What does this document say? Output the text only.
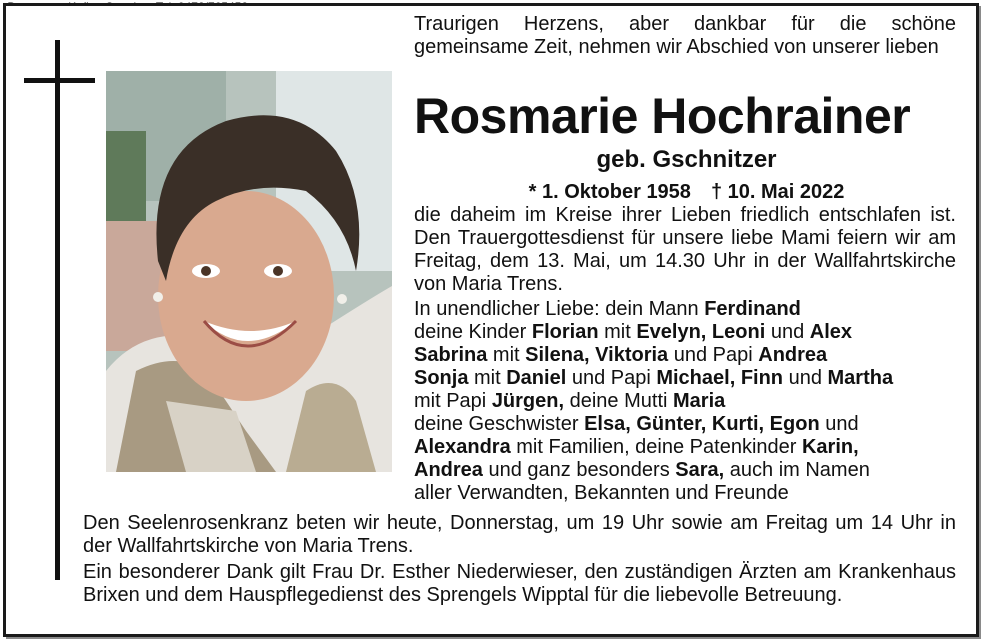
Traurigen Herzens, aber dankbar für die schöne gemeinsame Zeit, nehmen wir Abschied von unserer lieben
Rosmarie Hochrainer
geb. Gschnitzer
* 1. Oktober 1958 † 10. Mai 2022
die daheim im Kreise ihrer Lieben friedlich entschlafen ist. Den Trauergottesdienst für unsere liebe Mami feiern wir am Freitag, dem 13. Mai, um 14.30 Uhr in der Wallfahrtskirche von Maria Trens.
In unendlicher Liebe: dein Mann Ferdinand
deine Kinder Florian mit Evelyn, Leoni und Alex
Sabrina mit Silena, Viktoria und Papi Andrea
Sonja mit Daniel und Papi Michael, Finn und Martha
mit Papi Jürgen, deine Mutti Maria
deine Geschwister Elsa, Günter, Kurti, Egon und
Alexandra mit Familien, deine Patenkinder Karin,
Andrea und ganz besonders Sara, auch im Namen
aller Verwandten, Bekannten und Freunde
Den Seelenrosenkranz beten wir heute, Donnerstag, um 19 Uhr sowie am Freitag um 14 Uhr in der Wallfahrtskirche von Maria Trens.
Ein besonderer Dank gilt Frau Dr. Esther Niederwieser, den zuständigen Ärzten am Krankenhaus Brixen und dem Hauspflegedienst des Sprengels Wipptal für die liebevolle Betreuung.
